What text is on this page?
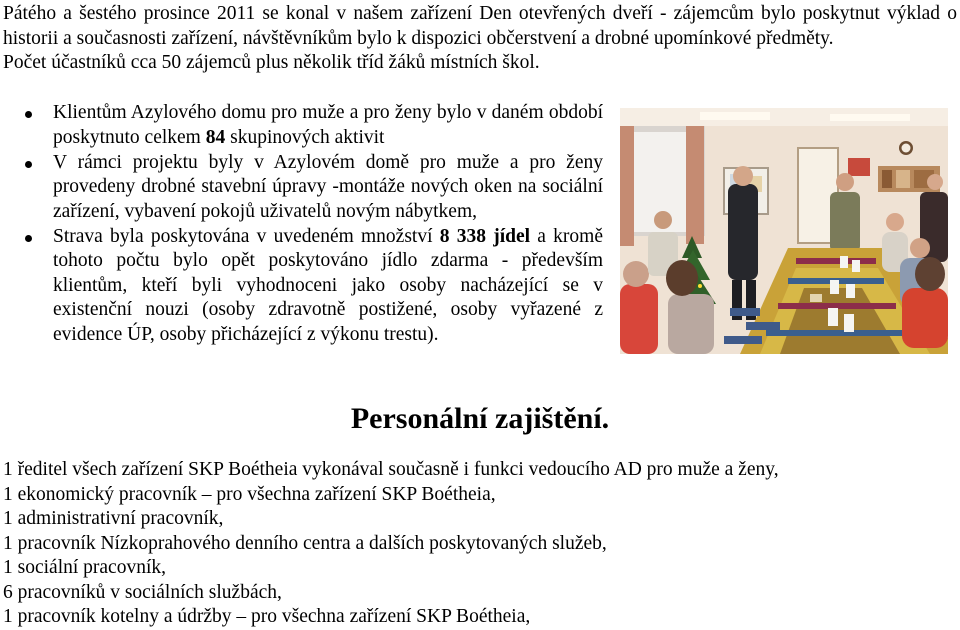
Pátého a šestého prosince 2011 se konal v našem zařízení Den otevřených dveří - zájemcům bylo poskytnut výklad o historii a současnosti zařízení, návštěvníkům bylo k dispozici občerstvení a drobné upomínkové předměty.

Počet účastníků cca 50 zájemců plus několik tříd žáků místních škol.

Klientům Azylového domu pro muže a pro ženy bylo v daném období poskytnuto celkem 84 skupinových aktivit
V rámci projektu byly v Azylovém domě pro muže a pro ženy provedeny drobné stavební úpravy -montáže nových oken na sociální zařízení, vybavení pokojů uživatelů novým nábytkem,
Strava byla poskytována v uvedeném množství 8 338 jídel a kromě tohoto počtu bylo opět poskytováno jídlo zdarma - především klientům, kteří byli vyhodnoceni jako osoby nacházející se v existenční nouzi (osoby zdravotně postižené, osoby vyřazené z evidence ÚP, osoby přicházející z výkonu trestu).
Personální zajištění.
1 ředitel všech zařízení SKP Boétheia vykonával současně i funkci vedoucího AD pro muže a ženy,
1 ekonomický pracovník – pro všechna zařízení SKP Boétheia,
1 administrativní pracovník,
1 pracovník Nízkoprahového denního centra a dalších poskytovaných služeb,
1 sociální pracovník,
6 pracovníků v sociálních službách,
1 pracovník kotelny a údržby – pro všechna zařízení SKP Boétheia,
